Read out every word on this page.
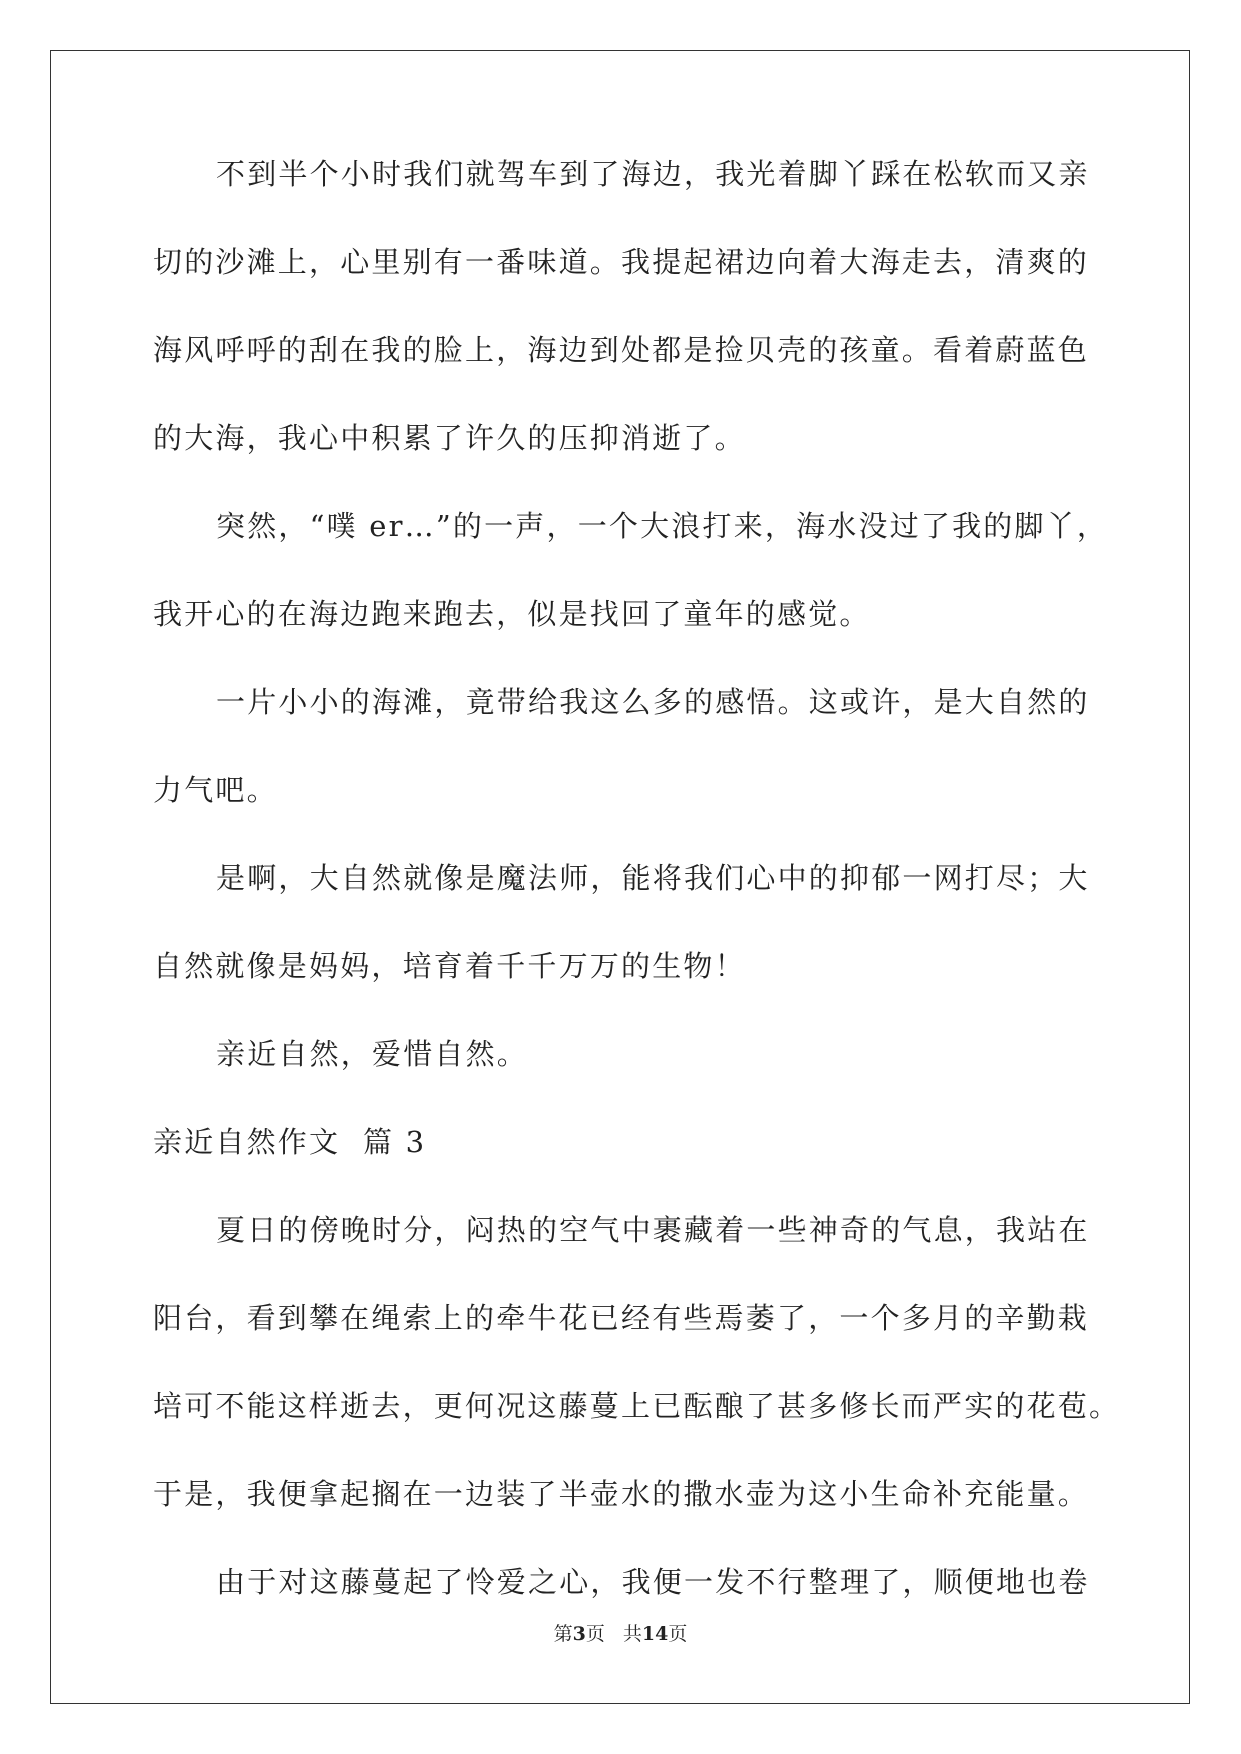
不到半个小时我们就驾车到了海边，我光着脚丫踩在松软而又亲

切的沙滩上，心里别有一番味道。我提起裙边向着大海走去，清爽的

海风呼呼的刮在我的脸上，海边到处都是捡贝壳的孩童。看着蔚蓝色

的大海，我心中积累了许久的压抑消逝了。

突然，“噗 er…”的一声，一个大浪打来，海水没过了我的脚丫，

我开心的在海边跑来跑去，似是找回了童年的感觉。

一片小小的海滩，竟带给我这么多的感悟。这或许，是大自然的

力气吧。

是啊，大自然就像是魔法师，能将我们心中的抑郁一网打尽；大

自然就像是妈妈，培育着千千万万的生物！

亲近自然，爱惜自然。

亲近自然作文  篇 3

夏日的傍晚时分，闷热的空气中裹藏着一些神奇的气息，我站在

阳台，看到攀在绳索上的牵牛花已经有些焉萎了，一个多月的辛勤栽

培可不能这样逝去，更何况这藤蔓上已酝酿了甚多修长而严实的花苞。

于是，我便拿起搁在一边装了半壶水的撒水壶为这小生命补充能量。

由于对这藤蔓起了怜爱之心，我便一发不行整理了，顺便地也卷

第3页 共14页
